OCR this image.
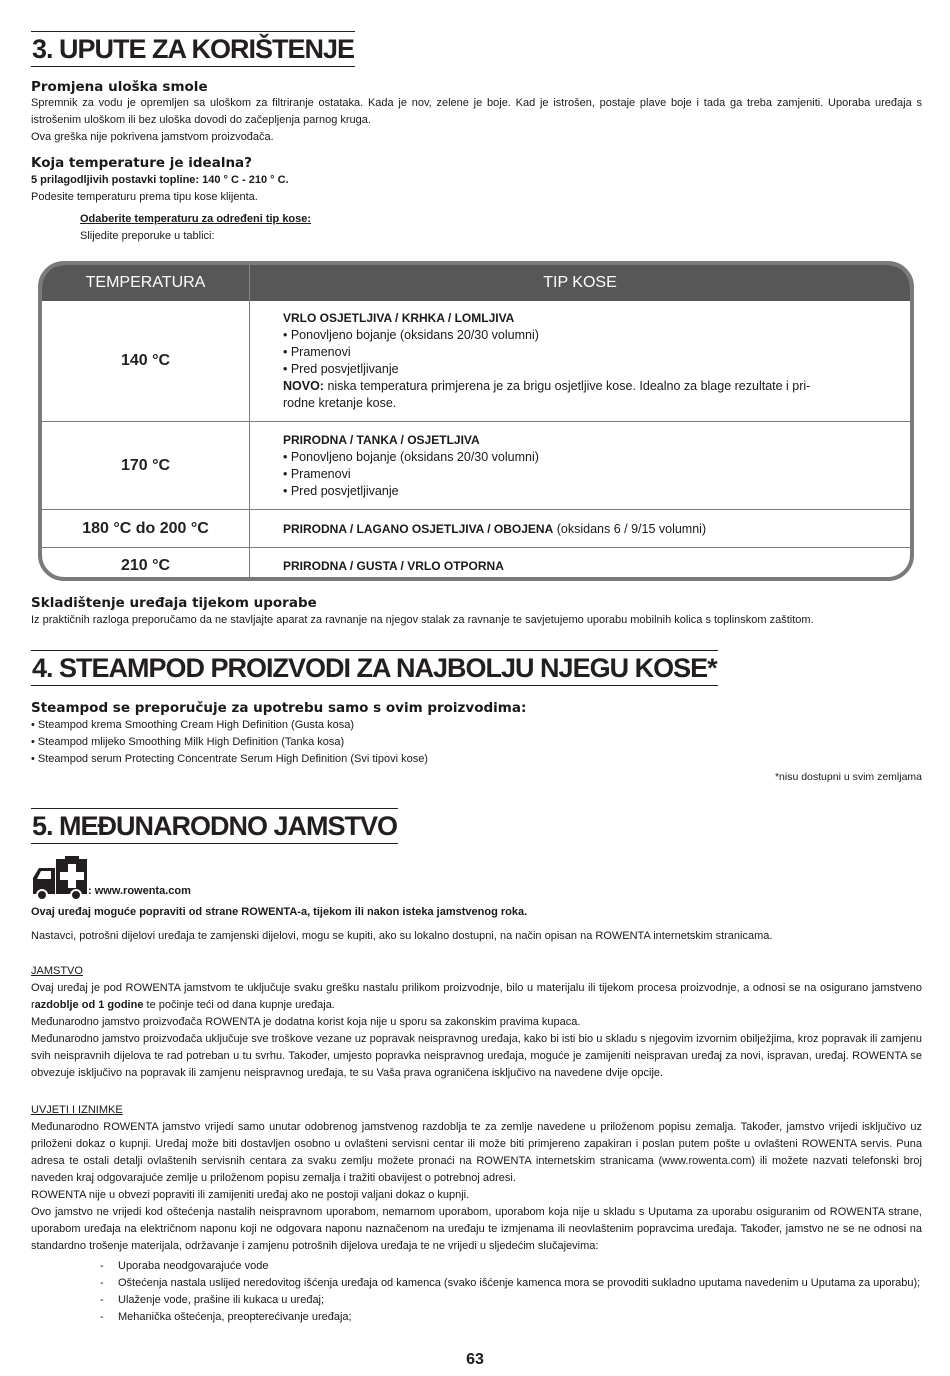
3. UPUTE ZA KORIŠTENJE
Promjena uloška smole

Spremnik za vodu je opremljen sa uloškom za filtriranje ostataka. Kada je nov, zelene je boje. Kad je istrošen, postaje plave boje i tada ga treba zamjeniti. Uporaba uređaja s istrošenim uloškom ili bez uloška dovodi do začepljenja parnog kruga.

Ova greška nije pokrivena jamstvom proizvođača.

Koja temperature je idealna?

5 prilagodljivih postavki topline: 140 ° C - 210 ° C.

Podesite temperaturu prema tipu kose klijenta.

Odaberite temperaturu za određeni tip kose:

Slijedite preporuke u tablici:

TEMPERATURA	TIP KOSE
140 °C
VRLO OSJETLJIVA / KRHKA / LOMLJIVA
• Ponovljeno bojanje (oksidans 20/30 volumni)
• Pramenovi
• Pred posvjetljivanje
NOVO: niska temperatura primjerena je za brigu osjetljive kose. Idealno za blage rezultate i pri-
rodne kretanje kose.
170 °C
PRIRODNA / TANKA / OSJETLJIVA
• Ponovljeno bojanje (oksidans 20/30 volumni)
• Pramenovi
• Pred posvjetljivanje
180 °C do 200 °C	PRIRODNA / LAGANO OSJETLJIVA / OBOJENA (oksidans 6 / 9/15 volumni)
210 °C	PRIRODNA / GUSTA / VRLO OTPORNA
Skladištenje uređaja tijekom uporabe
Iz praktičnih razloga preporučamo da ne stavljajte aparat za ravnanje na njegov stalak za ravnanje te savjetujemo uporabu mobilnih kolica s toplinskom zaštitom.
4. STEAMPOD PROIZVODI ZA NAJBOLJU NJEGU KOSE*
Steampod se preporučuje za upotrebu samo s ovim proizvodima:
• Steampod krema Smoothing Cream High Definition (Gusta kosa)
• Steampod mlijeko Smoothing Milk High Definition (Tanka kosa)
• Steampod serum Protecting Concentrate Serum High Definition (Svi tipovi kose)
*nisu dostupni u svim zemljama
5. MEĐUNARODNO JAMSTVO
: www.rowenta.com
Ovaj uređaj moguće popraviti od strane ROWENTA-a, tijekom ili nakon isteka jamstvenog roka.
Nastavci, potrošni dijelovi uređaja te zamjenski dijelovi, mogu se kupiti, ako su lokalno dostupni, na način opisan na ROWENTA internetskim stranicama.

JAMSTVO

Ovaj uređaj je pod ROWENTA jamstvom te uključuje svaku grešku nastalu prilikom proizvodnje, bilo u materijalu ili tijekom procesa proizvodnje, a odnosi se na osigurano jamstveno razdoblje od 1 godine te počinje teći od dana kupnje uređaja.

Međunarodno jamstvo proizvođača ROWENTA je dodatna korist koja nije u sporu sa zakonskim pravima kupaca.

Međunarodno jamstvo proizvođača uključuje sve troškove vezane uz popravak neispravnog uređaja, kako bi isti bio u skladu s njegovim izvornim obilježjima, kroz popravak ili zamjenu svih neispravnih dijelova te rad potreban u tu svrhu. Također, umjesto popravka neispravnog uređaja, moguće je zamijeniti neispravan uređaj za novi, ispravan, uređaj. ROWENTA se obvezuje isključivo na popravak ili zamjenu neispravnog uređaja, te su Vaša prava ograničena isključivo na navedene dvije opcije.

UVJETI I IZNIMKE

Međunarodno ROWENTA jamstvo vrijedi samo unutar odobrenog jamstvenog razdoblja te za zemlje navedene u priloženom popisu zemalja. Također, jamstvo vrijedi isključivo uz priloženi dokaz o kupnji. Uređaj može biti dostavljen osobno u ovlašteni servisni centar ili može biti primjereno zapakiran i poslan putem pošte u ovlašteni ROWENTA servis. Puna adresa te ostali detalji ovlaštenih servisnih centara za svaku zemlju možete pronaći na ROWENTA internetskim stranicama (www.rowenta.com) ili možete nazvati telefonski broj naveden kraj odgovarajuće zemlje u priloženom popisu zemalja i tražiti obavijest o potrebnoj adresi.

ROWENTA nije u obvezi popraviti ili zamijeniti uređaj ako ne postoji valjani dokaz o kupnji.

Ovo jamstvo ne vrijedi kod oštećenja nastalih neispravnom uporabom, nemarnom uporabom, uporabom koja nije u skladu s Uputama za uporabu osiguranim od ROWENTA strane, uporabom uređaja na električnom naponu koji ne odgovara naponu naznačenom na uređaju te izmjenama ili neovlaštenim popravcima uređaja. Također, jamstvo ne se ne odnosi na standardno trošenje materijala, održavanje i zamjenu potrošnih dijelova uređaja te ne vrijedi u sljedećim slučajevima:

- Uporaba neodgovarajuće vode
- Oštećenja nastala uslijed neredovitog išćenja uređaja od kamenca (svako išćenje kamenca mora se provoditi sukladno uputama navedenim u Uputama za uporabu);
- Ulaženje vode, prašine ili kukaca u uređaj;
- Mehanička oštećenja, preopterećivanje uređaja;
63
